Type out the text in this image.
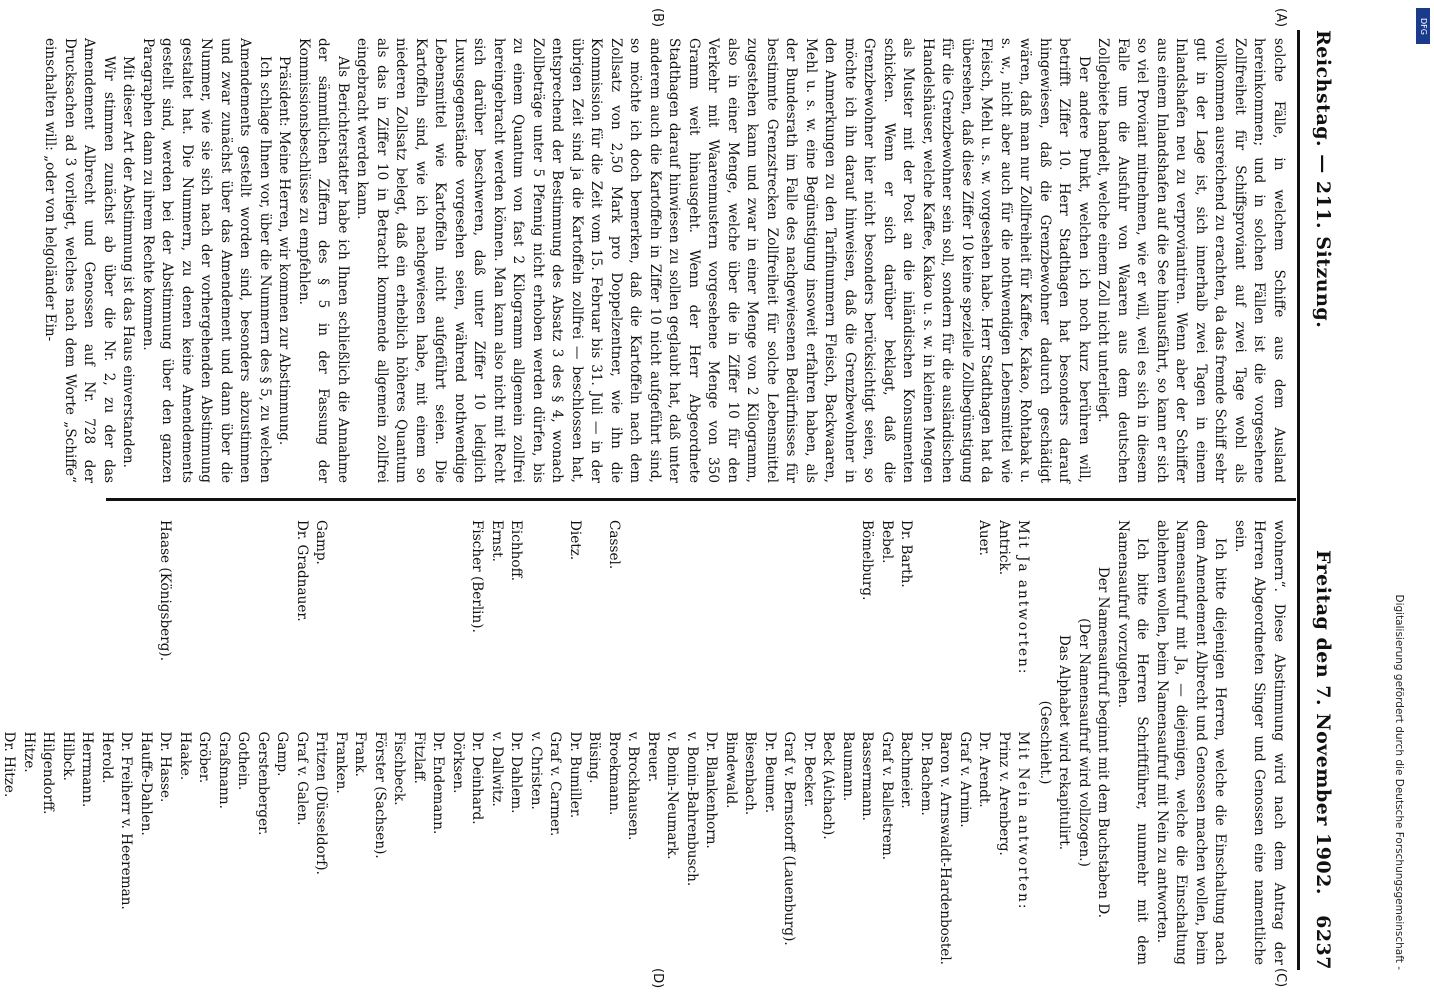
Reichstag. — 211. Sitzung.
Freitag den 7. November 1902.
6237
(A)
(B)
(C)
(D)

solche Fälle, in welchem Schiffe aus dem Ausland hereinkommen; und in solchen Fällen ist die vorgesehene Zollfreiheit für Schiffsproviant auf zwei Tage wohl als vollkommen ausreichend zu erachten, da das fremde Schiff sehr gut in der Lage ist, sich innerhalb zwei Tagen in einem Inlandshafen neu zu verproviantiren. Wenn aber der Schiffer aus einem Inlandshafen auf die See hinausfährt, so kann er sich so viel Proviant mitnehmen, wie er will, weil es sich in diesem Falle um die Ausfuhr von Waaren aus dem deutschen Zollgebiete handelt, welche einem Zoll nicht unterliegt.

Der andere Punkt, welchen ich noch kurz berühren will, betrifft Ziffer 10. Herr Stadthagen hat besonders darauf hingewiesen, daß die Grenzbewohner dadurch geschädigt wären, daß man nur Zollfreiheit für Kaffee, Kakao, Rohtabak u. s. w., nicht aber auch für die nothwendigen Lebensmittel wie Fleisch, Mehl u. s. w. vorgesehen habe. Herr Stadthagen hat da übersehen, daß diese Ziffer 10 keine spezielle Zollbegünstigung für die Grenzbewohner sein soll, sondern für die ausländischen Handelshäuser, welche Kaffee, Kakao u. s. w. in kleinen Mengen als Muster mit der Post an die inländischen Konsumenten schicken. Wenn er sich darüber beklagt, daß die Grenzbewohner hier nicht besonders berücksichtigt seien, so möchte ich ihn darauf hinweisen, daß die Grenzbewohner in den Anmerkungen zu den Tarifnummern Fleisch, Backwaaren, Mehl u. s. w. eine Begünstigung insoweit erfahren haben, als der Bundesrath im Falle des nachgewiesenen Bedürfnisses für bestimmte Grenzstrecken Zollfreiheit für solche Lebensmittel zugestehen kann und zwar in einer Menge von 2 Kilogramm, also in einer Menge, welche über die in Ziffer 10 für den Verkehr mit Waarenmustern vorgesehene Menge von 350 Gramm weit hinausgeht. Wenn der Herr Abgeordnete Stadthagen darauf hinwiesen zu sollen geglaubt hat, daß unter anderem auch die Kartoffeln in Ziffer 10 nicht aufgeführt sind, so möchte ich doch bemerken, daß die Kartoffeln nach dem Zollsatz von 2,50 Mark pro Doppelzentner, wie ihn die Kommission für die Zeit vom 15. Februar bis 31. Juli — in der übrigen Zeit sind ja die Kartoffeln zollfrei — beschlossen hat, entsprechend der Bestimmung des Absatz 3 des § 4, wonach Zollbeträge unter 5 Pfennig nicht erhoben werden dürfen, bis zu einem Quantum von fast 2 Kilogramm allgemein zollfrei hereingebracht werden können. Man kann also nicht mit Recht sich darüber beschweren, daß unter Ziffer 10 lediglich Luxusgegenstände vorgesehen seien, während nothwendige Lebensmittel wie Kartoffeln nicht aufgeführt seien. Die Kartoffeln sind, wie ich nachgewiesen habe, mit einem so niederen Zollsatz belegt, daß ein erheblich höheres Quantum als das in Ziffer 10 in Betracht kommende allgemein zollfrei eingebracht werden kann.

Als Berichterstatter habe ich Ihnen schließlich die Annahme der sämmtlichen Ziffern des § 5 in der Fassung der Kommissionsbeschlüsse zu empfehlen.

Präsident: Meine Herren, wir kommen zur Abstimmung.

Ich schlage Ihnen vor, über die Nummern des § 5, zu welchen Amendements gestellt worden sind, besonders abzustimmen und zwar zunächst über das Amendement und dann über die Nummer, wie sie sich nach der vorhergehenden Abstimmung gestaltet hat. Die Nummern, zu denen keine Amendements gestellt sind, werden bei der Abstimmung über den ganzen Paragraphen dann zu ihrem Rechte kommen.

Mit dieser Art der Abstimmung ist das Haus einverstanden.

Wir stimmen zunächst ab über die Nr. 2, zu der das Amendement Albrecht und Genossen auf Nr. 728 der Drucksachen ad 3 vorliegt, welches nach dem Worte „Schiffe“ einschalten will: „oder von helgoländer Ein-

wohnern“. Diese Abstimmung wird nach dem Antrag der Herren Abgeordneten Singer und Genossen eine namentliche sein.

Ich bitte diejenigen Herren, welche die Einschaltung nach dem Amendement Albrecht und Genossen machen wollen, beim Namensaufruf mit Ja, — diejenigen, welche die Einschaltung ablehnen wollen, beim Namensaufruf mit Nein zu antworten.

Ich bitte die Herren Schriftführer, nunmehr mit dem Namensaufruf vorzugehen.

Der Namensaufruf beginnt mit dem Buchstaben D.

(Der Namensaufruf wird vollzogen.)

Das Alphabet wird rekapitulirt.

(Geschieht.)

Mit Ja antworten:
Antrick.
Auer.

Dr. Barth.
Bebel.
Bömelburg.

Cassel.

Dietz.

Eichhoff.
Ernst.
Fischer (Berlin).

Gamp.
Dr. Gradnauer.

Haase (Königsberg).
Mit Nein antworten:
Prinz v. Arenberg.
Dr. Arendt.
Graf v. Arnim.
Baron v. Arnswaldt-Hardenbostel.
Dr. Bachem.
Bachmeier.
Graf v. Ballestrem.
Bassermann.
Baumann.
Beck (Aichach).
Dr. Becker.
Graf v. Bernstorff (Lauenburg).
Dr. Beumer.
Biesenbach.
Bindewald.
Dr. Blankenhorn.
v. Bonin-Bahrenbusch.
v. Bonin-Neumark.
Breuer.
v. Brockhausen.
Broekmann.
Büsing.
Dr. Bumiller.
Graf v. Carmer.
v. Christen.
Dr. Dahlem.
v. Dallwitz.
Dr. Deinhard.
Dörksen.
Dr. Endemann.
Fitzlaff.
Fischbeck.
Förster (Sachsen).
Frank.
Franken.
Fritzen (Düsseldorf).
Graf v. Galen.
Gamp.
Gerstenberger.
Gothein.
Graßmann.
Gröber.
Haake.
Dr. Hasse.
Hauffe-Dahlen.
Dr. Freiherr v. Heereman.
Herold.
Herrmann.
Hilbck.
Hilgendorff.
Hitze.
Dr. Hitze.
DFG
Digitalisierung gefördert durch die Deutsche Forschungsgemeinschaft -
